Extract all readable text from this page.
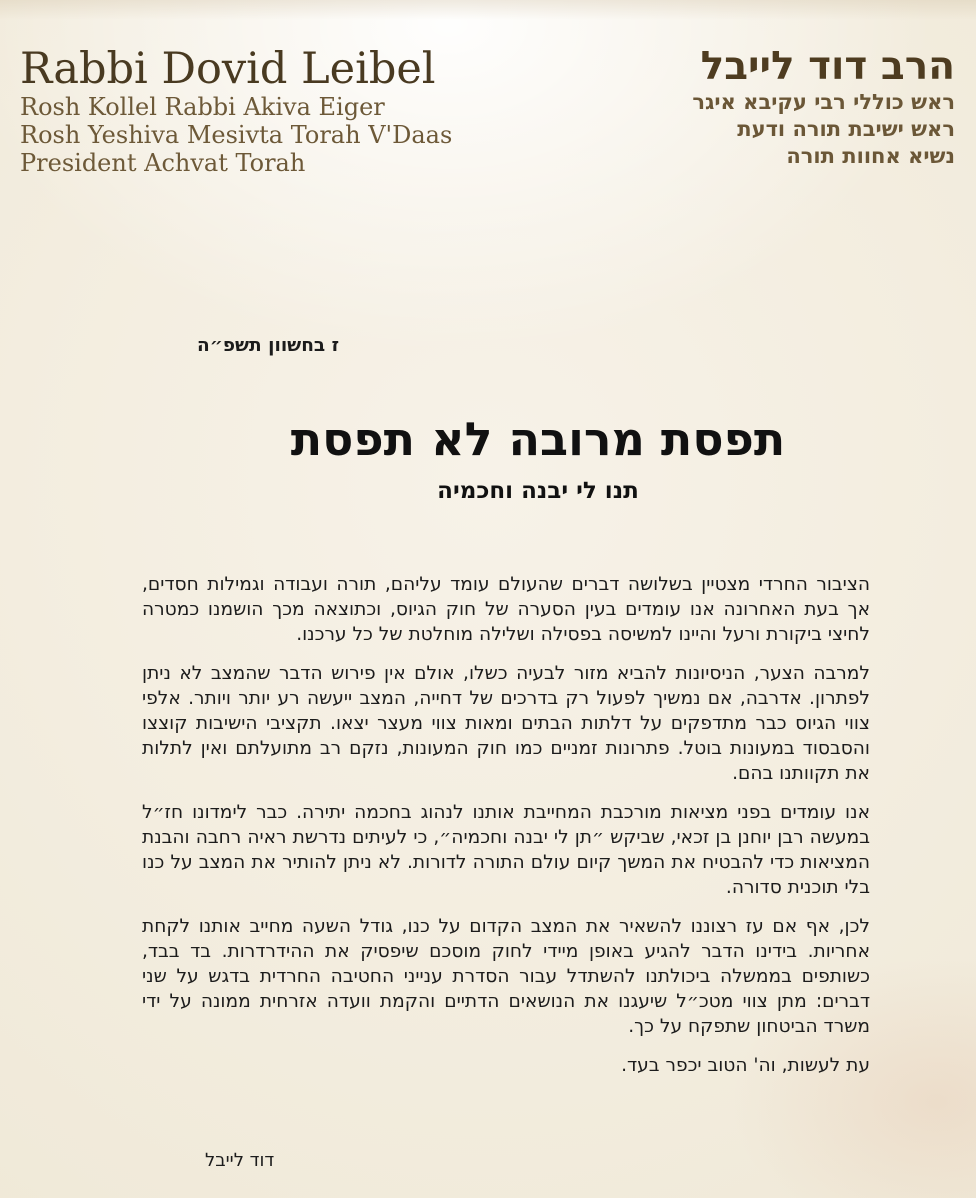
Rabbi Dovid Leibel
Rosh Kollel Rabbi Akiva Eiger
Rosh Yeshiva Mesivta Torah V'Daas
President Achvat Torah
הרב דוד לייבל
ראש כוללי רבי עקיבא איגר
ראש ישיבת תורה ודעת
נשיא אחוות תורה
ז בחשוון תשפ״ה
תפסת מרובה לא תפסת
תנו לי יבנה וחכמיה

הציבור החרדי מצטיין בשלושה דברים שהעולם עומד עליהם, תורה ועבודה וגמילות חסדים, אך בעת האחרונה אנו עומדים בעין הסערה של חוק הגיוס, וכתוצאה מכך הושמנו כמטרה לחיצי ביקורת ורעל והיינו למשיסה בפסילה ושלילה מוחלטת של כל ערכנו.

למרבה הצער, הניסיונות להביא מזור לבעיה כשלו, אולם אין פירוש הדבר שהמצב לא ניתן לפתרון. אדרבה, אם נמשיך לפעול רק בדרכים של דחייה, המצב ייעשה רע יותר ויותר. אלפי צווי הגיוס כבר מתדפקים על דלתות הבתים ומאות צווי מעצר יצאו. תקציבי הישיבות קוצצו והסבסוד במעונות בוטל. פתרונות זמניים כמו חוק המעונות, נזקם רב מתועלתם ואין לתלות את תקוותנו בהם.

אנו עומדים בפני מציאות מורכבת המחייבת אותנו לנהוג בחכמה יתירה. כבר לימדונו חז״ל במעשה רבן יוחנן בן זכאי, שביקש ״תן לי יבנה וחכמיה״, כי לעיתים נדרשת ראיה רחבה והבנת המציאות כדי להבטיח את המשך קיום עולם התורה לדורות. לא ניתן להותיר את המצב על כנו בלי תוכנית סדורה.

לכן, אף אם עז רצוננו להשאיר את המצב הקדום על כנו, גודל השעה מחייב אותנו לקחת אחריות. בידינו הדבר להגיע באופן מיידי לחוק מוסכם שיפסיק את ההידרדרות. בד בבד, כשותפים בממשלה ביכולתנו להשתדל עבור הסדרת ענייני החטיבה החרדית בדגש על שני דברים: מתן צווי מטכ״ל שיעגנו את הנושאים הדתיים והקמת וועדה אזרחית ממונה על ידי משרד הביטחון שתפקח על כך.

עת לעשות, וה' הטוב יכפר בעד.

דוד לייבל
